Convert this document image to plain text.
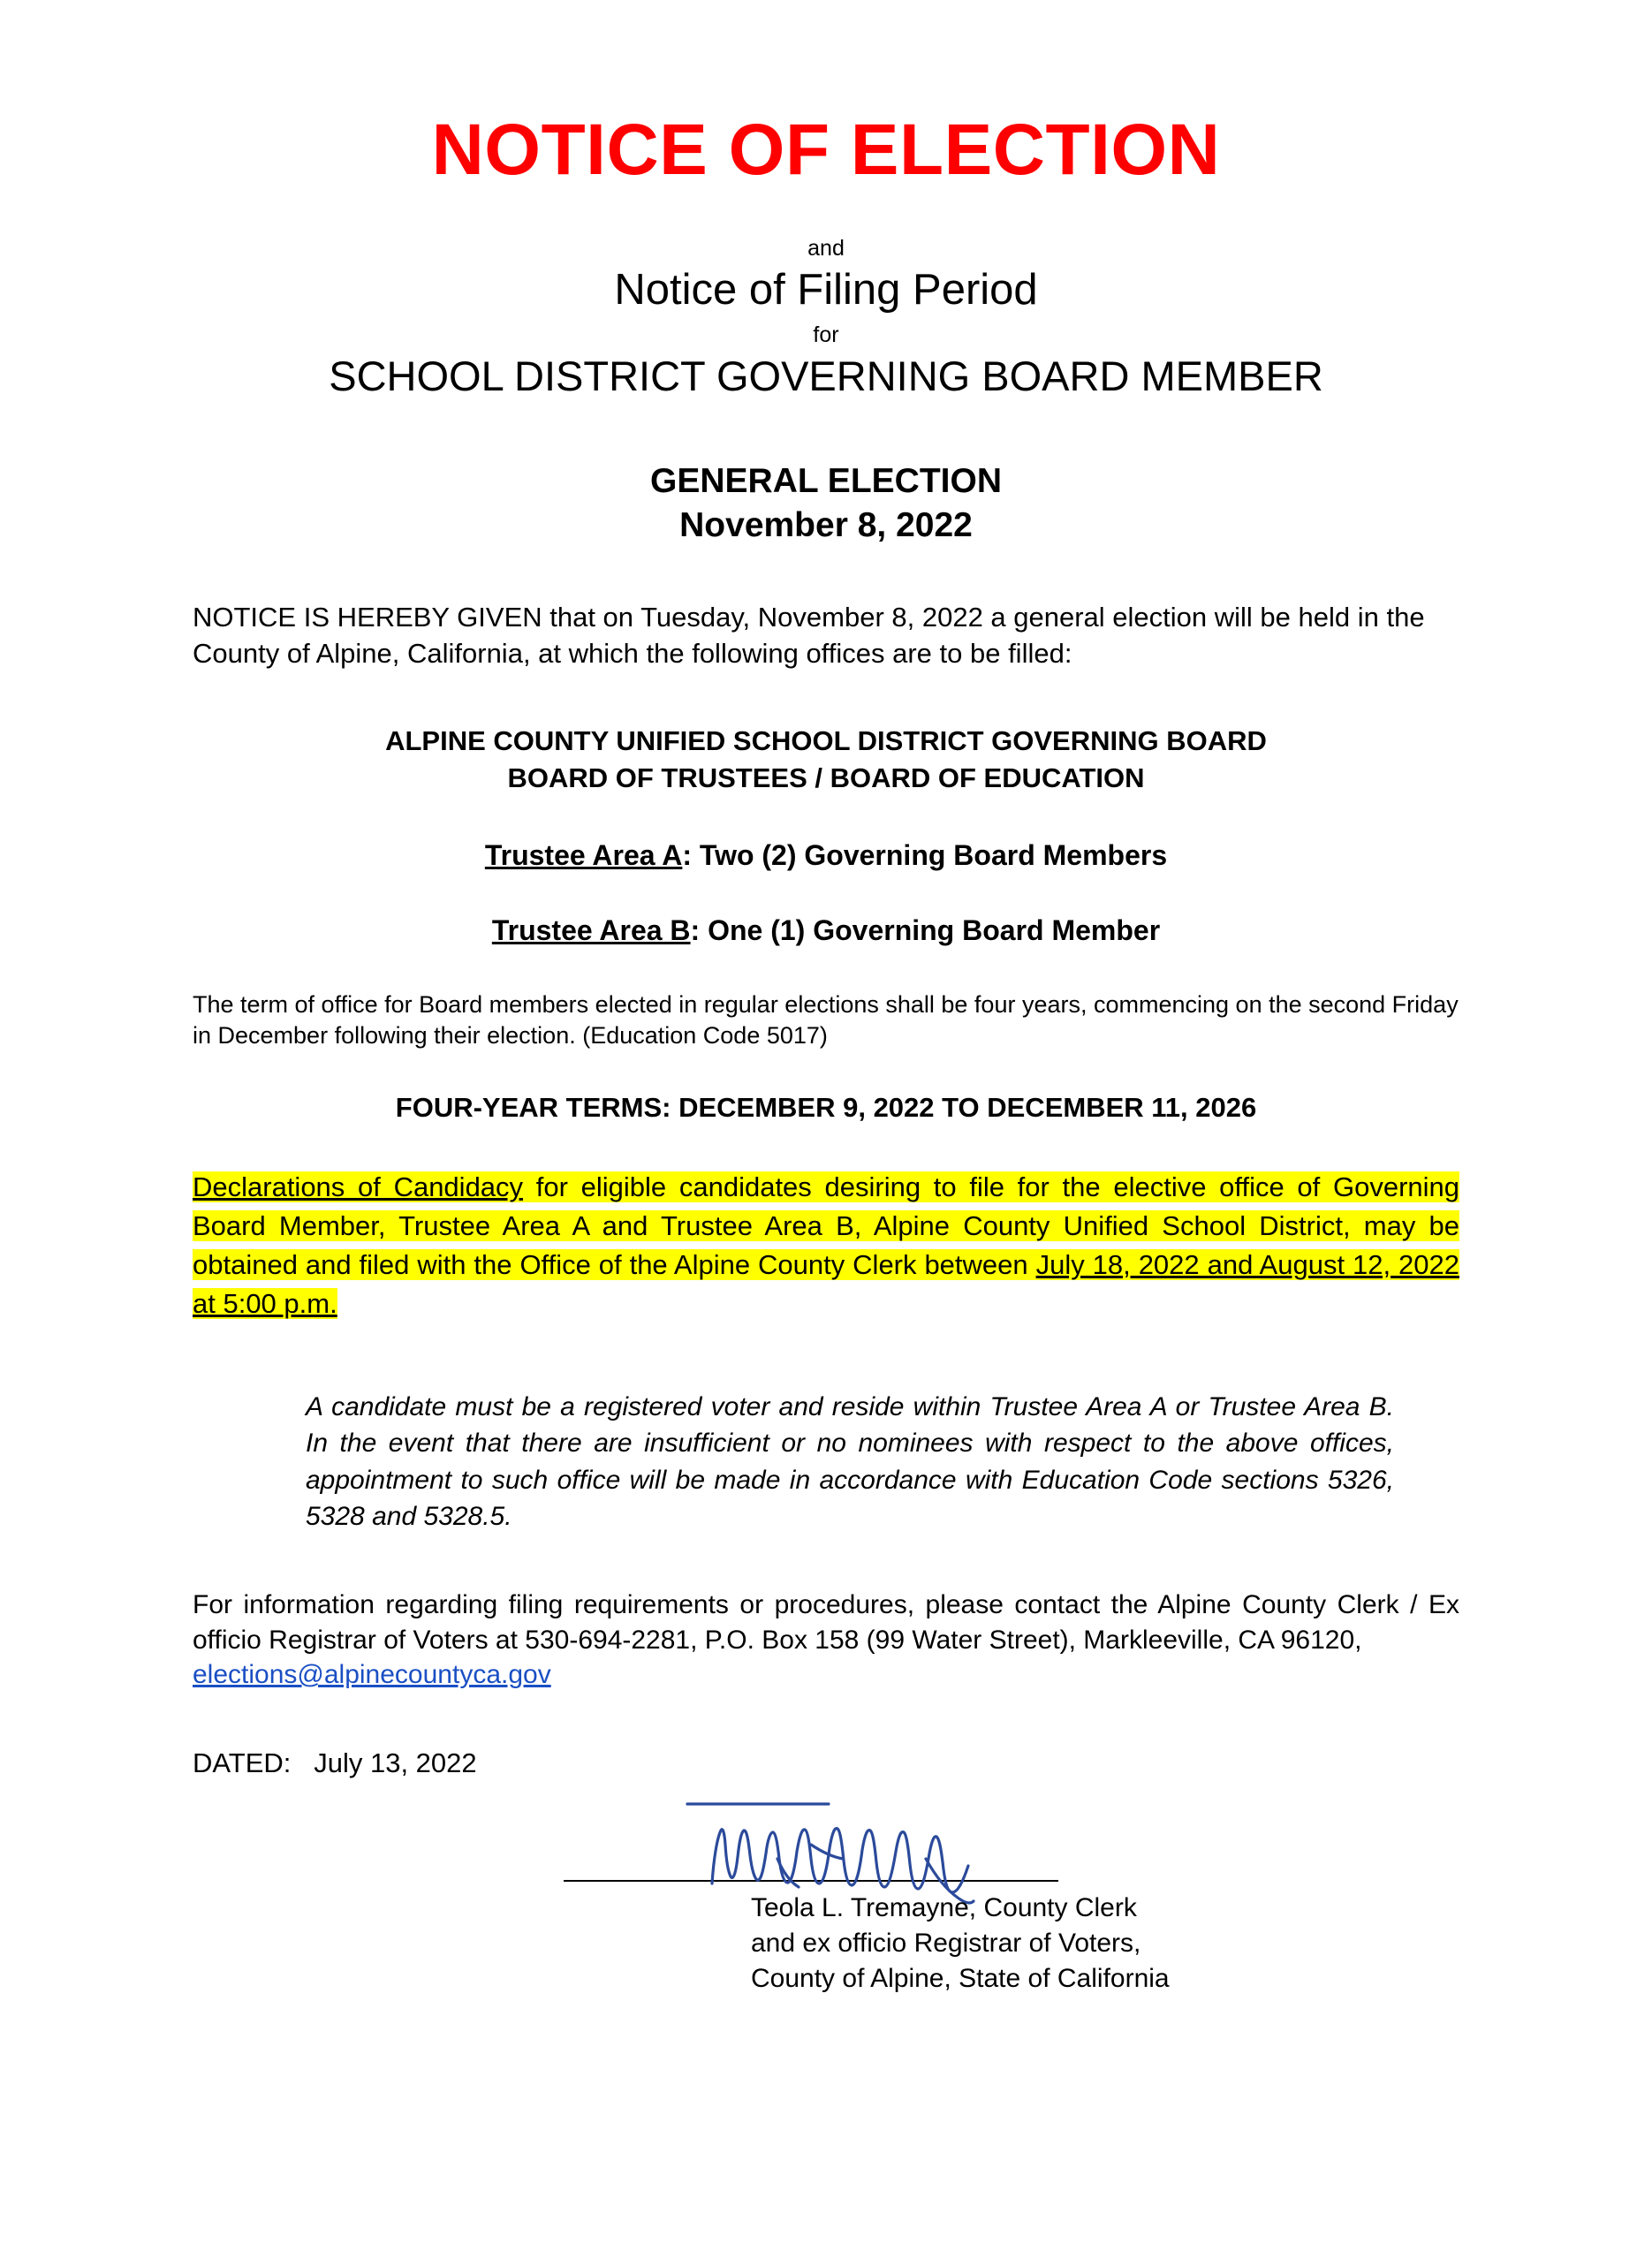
NOTICE OF ELECTION
and
Notice of Filing Period
for
SCHOOL DISTRICT GOVERNING BOARD MEMBER
GENERAL ELECTION
November 8, 2022
NOTICE IS HEREBY GIVEN that on Tuesday, November 8, 2022 a general election will be held in the County of Alpine, California, at which the following offices are to be filled:
ALPINE COUNTY UNIFIED SCHOOL DISTRICT GOVERNING BOARD
BOARD OF TRUSTEES / BOARD OF EDUCATION
Trustee Area A: Two (2) Governing Board Members
Trustee Area B: One (1) Governing Board Member
The term of office for Board members elected in regular elections shall be four years, commencing on the second Friday in December following their election. (Education Code 5017)
FOUR-YEAR TERMS: DECEMBER 9, 2022 TO DECEMBER 11, 2026
Declarations of Candidacy for eligible candidates desiring to file for the elective office of Governing Board Member, Trustee Area A and Trustee Area B, Alpine County Unified School District, may be obtained and filed with the Office of the Alpine County Clerk between July 18, 2022 and August 12, 2022 at 5:00 p.m.
A candidate must be a registered voter and reside within Trustee Area A or Trustee Area B. In the event that there are insufficient or no nominees with respect to the above offices, appointment to such office will be made in accordance with Education Code sections 5326, 5328 and 5328.5.
For information regarding filing requirements or procedures, please contact the Alpine County Clerk / Ex officio Registrar of Voters at 530-694-2281, P.O. Box 158 (99 Water Street), Markleeville, CA 96120,
elections@alpinecountyca.gov
DATED: July 13, 2022
Teola L. Tremayne, County Clerk
and ex officio Registrar of Voters,
County of Alpine, State of California
